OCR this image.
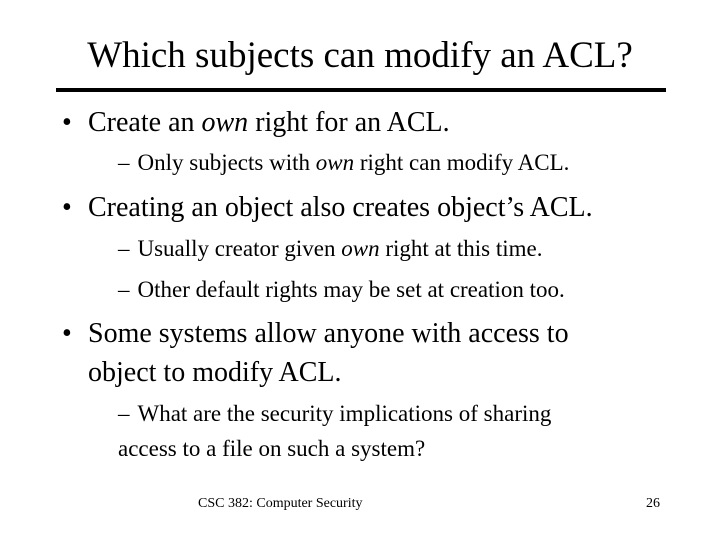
Which subjects can modify an ACL?
• Create an own right for an ACL.
– Only subjects with own right can modify ACL.
• Creating an object also creates object’s ACL.
– Usually creator given own right at this time.
– Other default rights may be set at creation too.
• Some systems allow anyone with access to
object to modify ACL.
– What are the security implications of sharing
access to a file on such a system?
CSC 382: Computer Security	26
